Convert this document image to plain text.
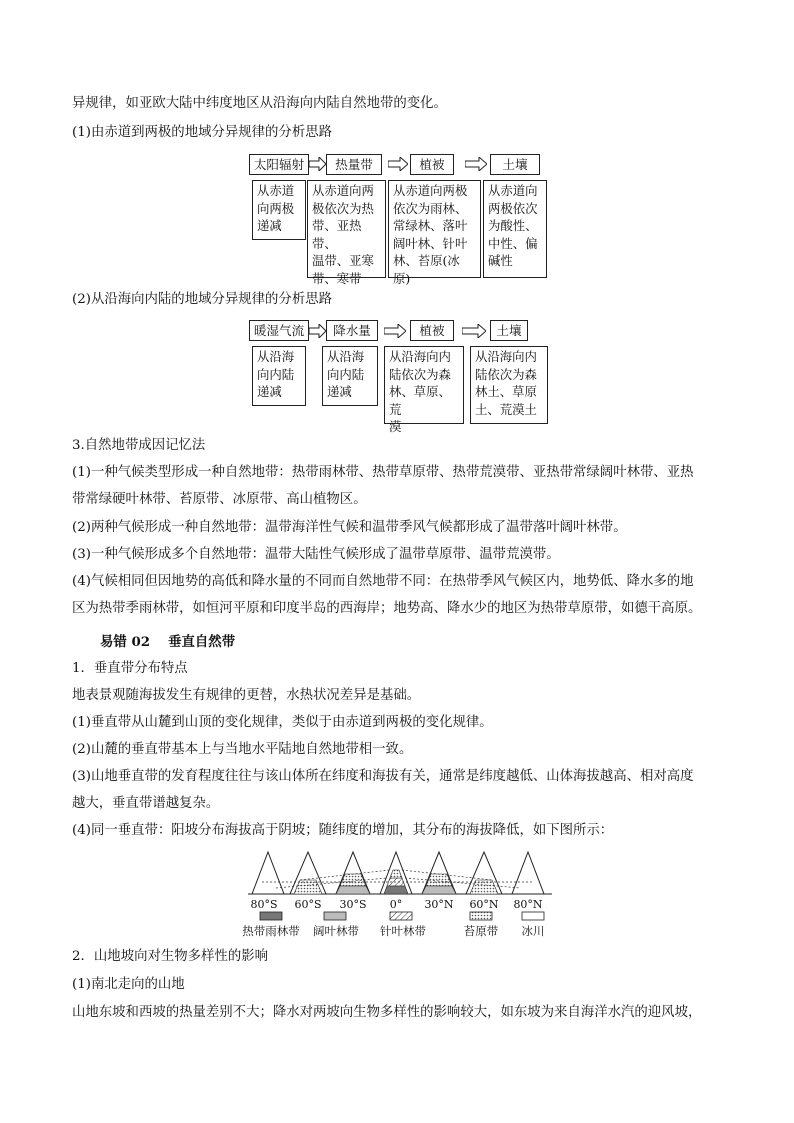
异规律，如亚欧大陆中纬度地区从沿海向内陆自然地带的变化。
(1)由赤道到两极的地域分异规律的分析思路
太阳辐射	热量带	植被	土壤
从赤道
向两极
递减
从赤道向两
极依次为热
带、亚热带、
温带、亚寒
带、寒带
从赤道向两极
依次为雨林、
常绿林、落叶
阔叶林、针叶
林、苔原(冰原)
从赤道向
两极依次
为酸性、
中性、偏
碱性
(2)从沿海向内陆的地域分异规律的分析思路
暖湿气流	降水量	植被	土壤
从沿海
向内陆
递减
从沿海
向内陆
递减
从沿海向内
陆依次为森
林、草原、荒
漠
从沿海向内
陆依次为森
林土、草原
土、荒漠土
3.自然地带成因记忆法
(1)一种气候类型形成一种自然地带：热带雨林带、热带草原带、热带荒漠带、亚热带常绿阔叶林带、亚热
带常绿硬叶林带、苔原带、冰原带、高山植物区。
(2)两种气候形成一种自然地带：温带海洋性气候和温带季风气候都形成了温带落叶阔叶林带。
(3)一种气候形成多个自然地带：温带大陆性气候形成了温带草原带、温带荒漠带。
(4)气候相同但因地势的高低和降水量的不同而自然地带不同：在热带季风气候区内，地势低、降水多的地
区为热带季雨林带，如恒河平原和印度半岛的西海岸；地势高、降水少的地区为热带草原带，如德干高原。
易错 02　 垂直自然带
1．垂直带分布特点
地表景观随海拔发生有规律的更替，水热状况差异是基础。
(1)垂直带从山麓到山顶的变化规律，类似于由赤道到两极的变化规律。
(2)山麓的垂直带基本上与当地水平陆地自然地带相一致。
(3)山地垂直带的发育程度往往与该山体所在纬度和海拔有关，通常是纬度越低、山体海拔越高、相对高度
越大，垂直带谱越复杂。
(4)同一垂直带：阳坡分布海拔高于阴坡；随纬度的增加，其分布的海拔降低，如下图所示：
80°S 60°S 30°S 0° 30°N 60°N 80°N
热带雨林带 阔叶林带 针叶林带	苔原带 冰川
2．山地坡向对生物多样性的影响
(1)南北走向的山地
山地东坡和西坡的热量差别不大；降水对两坡向生物多样性的影响较大，如东坡为来自海洋水汽的迎风坡，
